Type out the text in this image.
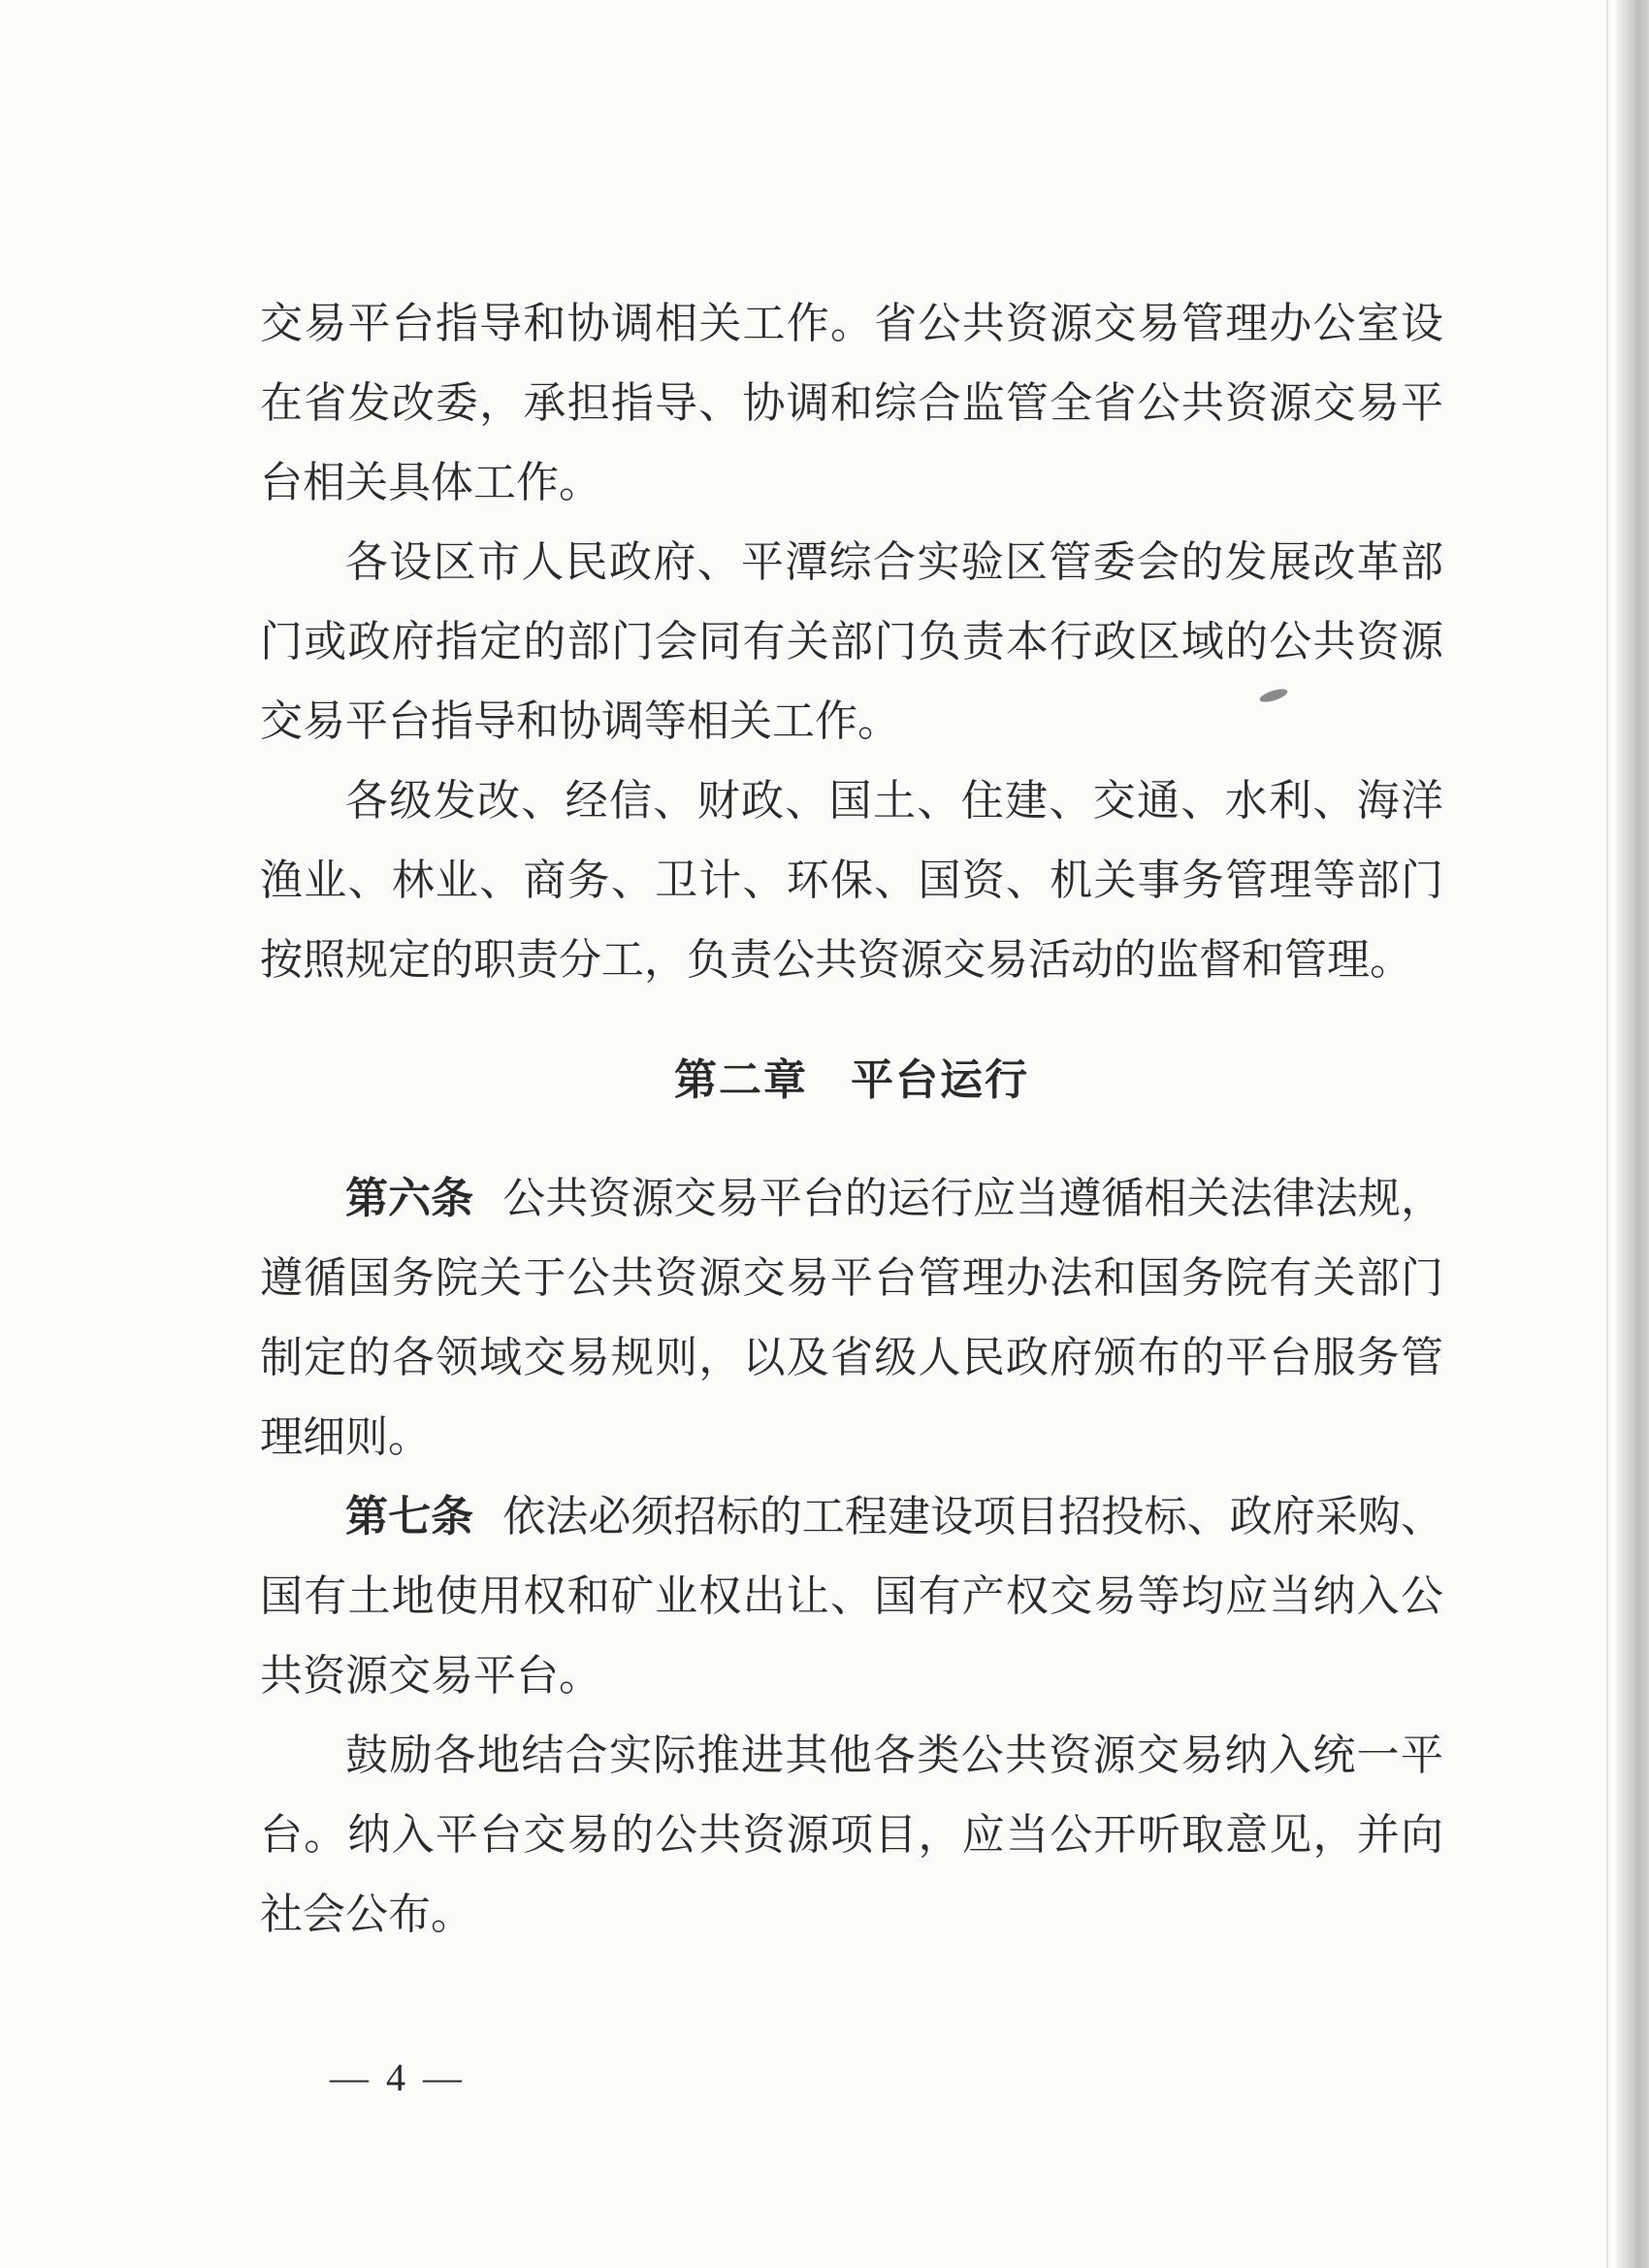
交易平台指导和协调相关工作。省公共资源交易管理办公室设在省发改委，承担指导、协调和综合监管全省公共资源交易平台相关具体工作。

各设区市人民政府、平潭综合实验区管委会的发展改革部门或政府指定的部门会同有关部门负责本行政区域的公共资源交易平台指导和协调等相关工作。

各级发改、经信、财政、国土、住建、交通、水利、海洋渔业、林业、商务、卫计、环保、国资、机关事务管理等部门按照规定的职责分工，负责公共资源交易活动的监督和管理。

第二章 平台运行

第六条 公共资源交易平台的运行应当遵循相关法律法规，遵循国务院关于公共资源交易平台管理办法和国务院有关部门制定的各领域交易规则，以及省级人民政府颁布的平台服务管理细则。

第七条 依法必须招标的工程建设项目招投标、政府采购、国有土地使用权和矿业权出让、国有产权交易等均应当纳入公共资源交易平台。

鼓励各地结合实际推进其他各类公共资源交易纳入统一平台。纳入平台交易的公共资源项目，应当公开听取意见，并向社会公布。

— 4 —
